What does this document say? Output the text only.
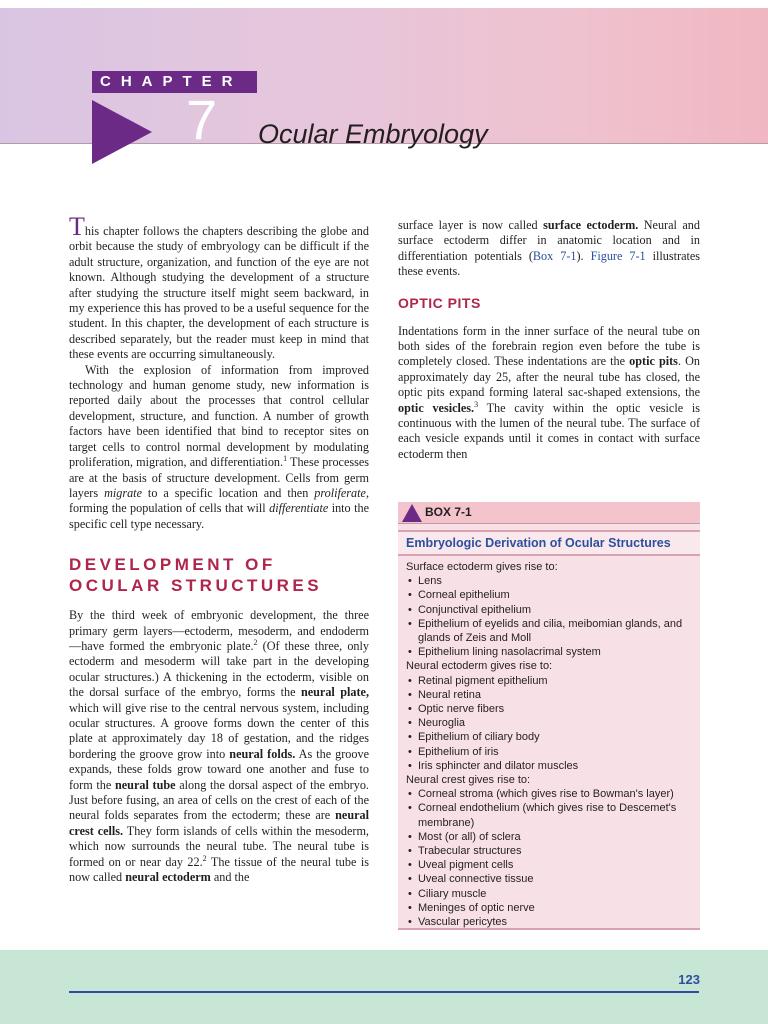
CHAPTER
7 Ocular Embryology

This chapter follows the chapters describing the globe and orbit because the study of embryology can be difficult if the adult structure, organization, and function of the eye are not known. Although studying the development of a structure after studying the structure itself might seem backward, in my experience this has proved to be a useful sequence for the student. In this chapter, the development of each structure is described separately, but the reader must keep in mind that these events are occurring simultaneously.

With the explosion of information from improved technology and human genome study, new information is reported daily about the processes that control cellular development, structure, and function. A number of growth factors have been identified that bind to receptor sites on target cells to control normal development by modulating proliferation, migration, and differentiation.$^1$ These processes are at the basis of structure development. Cells from germ layers migrate to a specific location and then proliferate, forming the population of cells that will differentiate into the specific cell type necessary.

DEVELOPMENT OF
OCULAR STRUCTURES

By the third week of embryonic development, the three primary germ layers—ectoderm, mesoderm, and endoderm—have formed the embryonic plate.$^2$ (Of these three, only ectoderm and mesoderm will take part in the developing ocular structures.) A thickening in the ectoderm, visible on the dorsal surface of the embryo, forms the neural plate, which will give rise to the central nervous system, including ocular structures. A groove forms down the center of this plate at approximately day 18 of gestation, and the ridges bordering the groove grow into neural folds. As the groove expands, these folds grow toward one another and fuse to form the neural tube along the dorsal aspect of the embryo. Just before fusing, an area of cells on the crest of each of the neural folds separates from the ectoderm; these are neural crest cells. They form islands of cells within the mesoderm, which now surrounds the neural tube. The neural tube is formed on or near day 22.$^2$ The tissue of the neural tube is now called neural ectoderm and the

surface layer is now called surface ectoderm. Neural and surface ectoderm differ in anatomic location and in differentiation potentials (Box 7-1). Figure 7-1 illustrates these events.

OPTIC PITS

Indentations form in the inner surface of the neural tube on both sides of the forebrain region even before the tube is completely closed. These indentations are the optic pits. On approximately day 25, after the neural tube has closed, the optic pits expand forming lateral sac-shaped extensions, the optic vesicles.$^3$ The cavity within the optic vesicle is continuous with the lumen of the neural tube. The surface of each vesicle expands until it comes in contact with surface ectoderm then

BOX 7-1
Embryologic Derivation of Ocular Structures
Surface ectoderm gives rise to:
•  Lens
•  Corneal epithelium
•  Conjunctival epithelium
•  Epithelium of eyelids and cilia, meibomian glands, and glands of Zeis and Moll
•  Epithelium lining nasolacrimal system
Neural ectoderm gives rise to:
•  Retinal pigment epithelium
•  Neural retina
•  Optic nerve fibers
•  Neuroglia
•  Epithelium of ciliary body
•  Epithelium of iris
•  Iris sphincter and dilator muscles
Neural crest gives rise to:
•  Corneal stroma (which gives rise to Bowman's layer)
•  Corneal endothelium (which gives rise to Descemet's membrane)
•  Most (or all) of sclera
•  Trabecular structures
•  Uveal pigment cells
•  Uveal connective tissue
•  Ciliary muscle
•  Meninges of optic nerve
•  Vascular pericytes
123
